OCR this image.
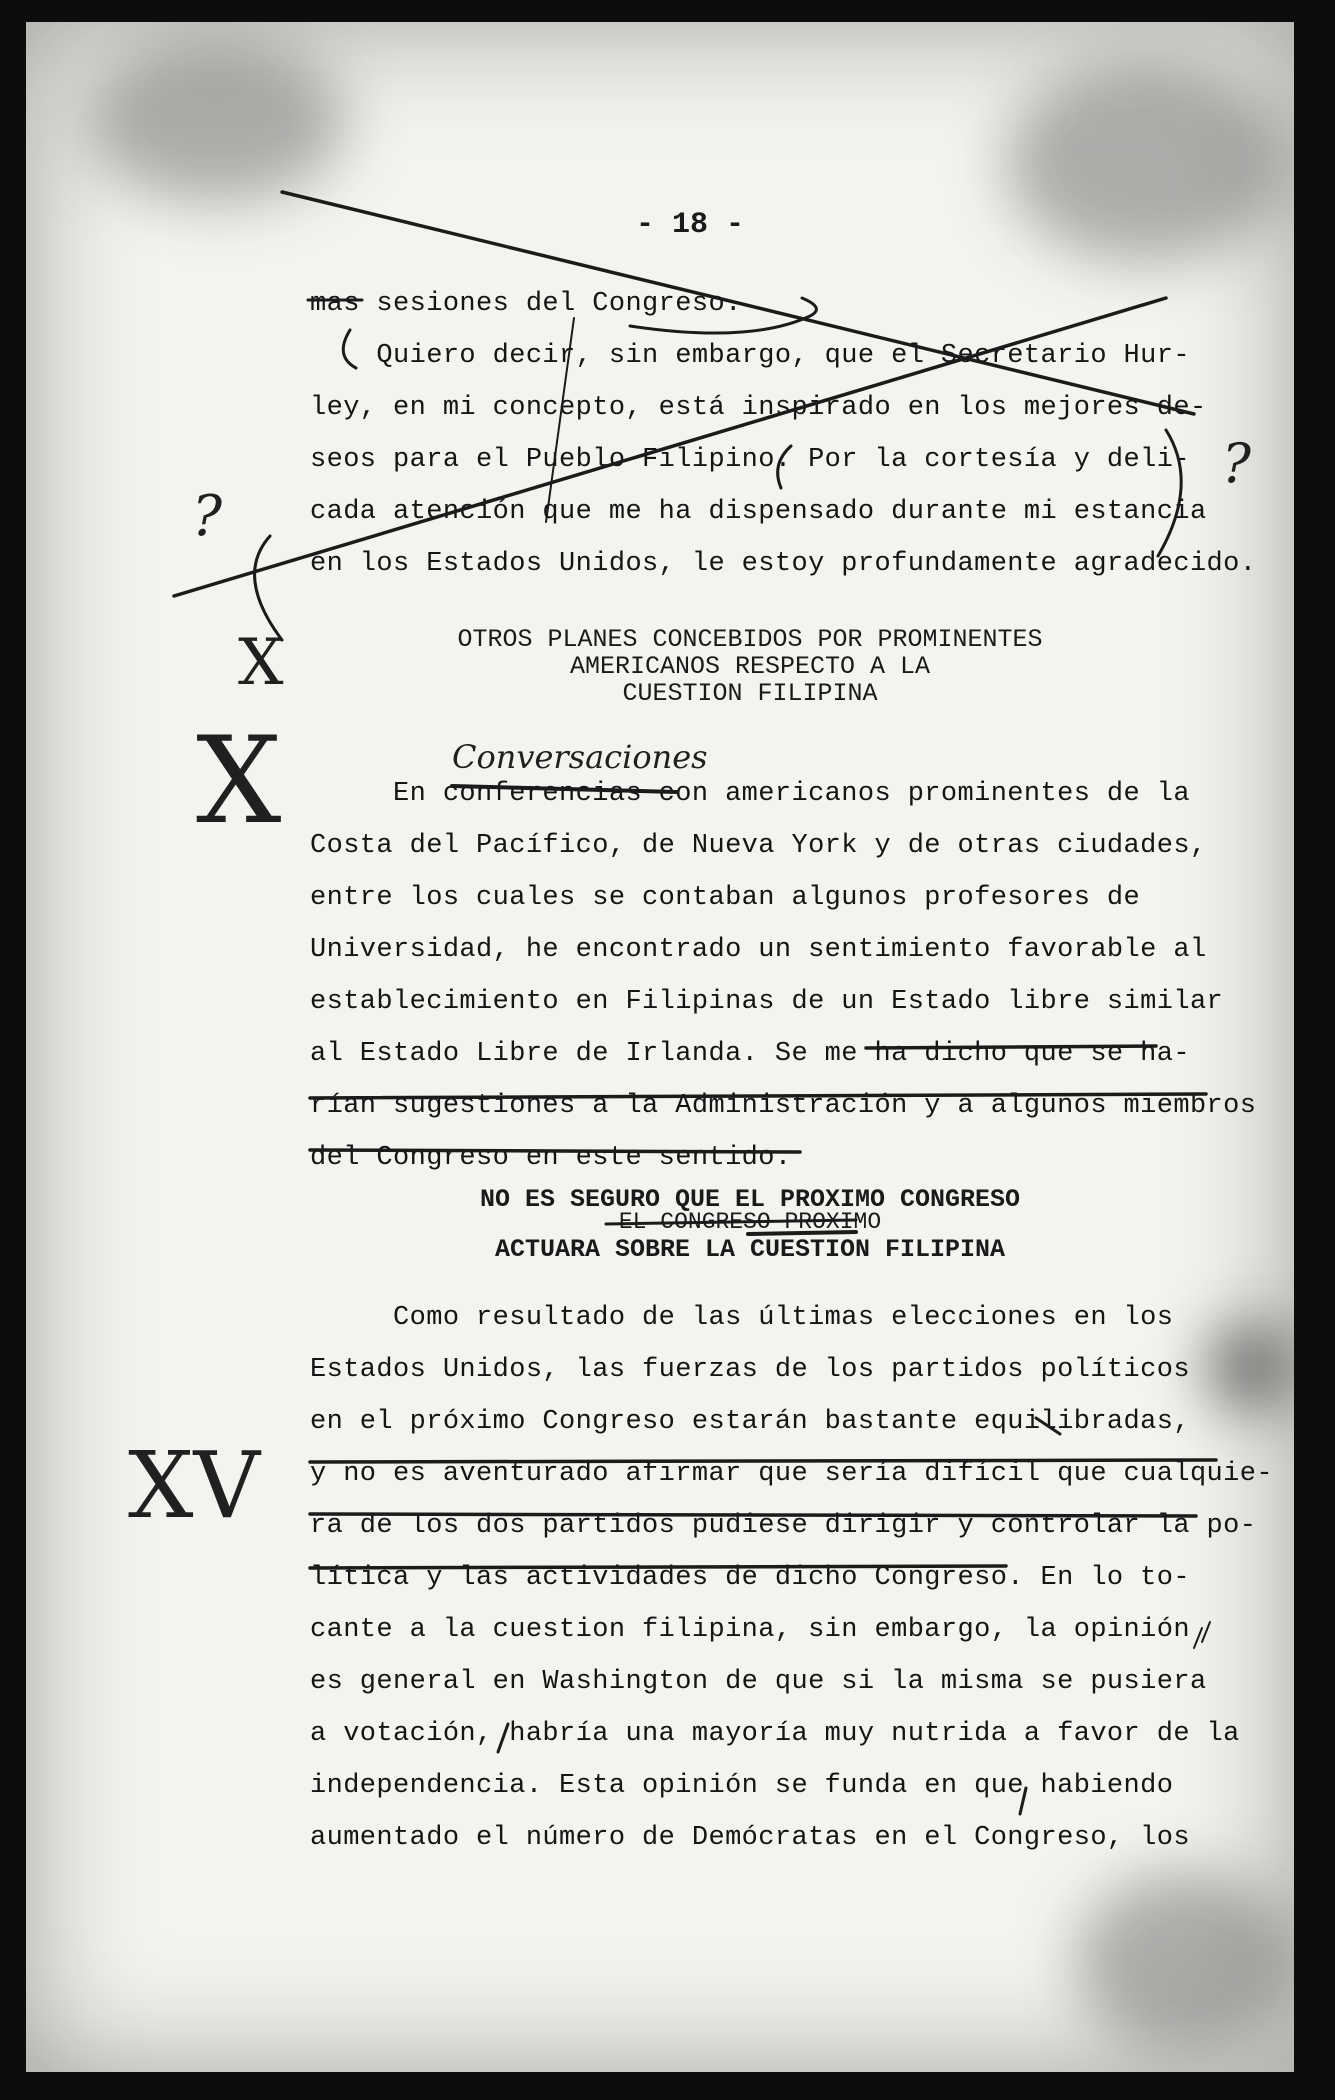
- 18 -
mas sesiones del Congreso.
Quiero decir, sin embargo, que el Secretario Hur-
ley, en mi concepto, está inspirado en los mejores de-
seos para el Pueblo Filipino. Por la cortesía y deli-
cada atención que me ha dispensado durante mi estancia
en los Estados Unidos, le estoy profundamente agradecido.
OTROS PLANES CONCEBIDOS POR PROMINENTES
AMERICANOS RESPECTO A LA
CUESTION FILIPINA
Conversaciones
En conferencias con americanos prominentes de la
Costa del Pacífico, de Nueva York y de otras ciudades,
entre los cuales se contaban algunos profesores de
Universidad, he encontrado un sentimiento favorable al
establecimiento en Filipinas de un Estado libre similar
al Estado Libre de Irlanda. Se me ha dicho que se ha-
rían sugestiones a la Administración y a algunos miembros
del Congreso en este sentido.
NO ES SEGURO QUE EL PROXIMO CONGRESO
EL CONGRESO PROXIMO
ACTUARA SOBRE LA CUESTION FILIPINA
Como resultado de las últimas elecciones en los
Estados Unidos, las fuerzas de los partidos políticos
en el próximo Congreso estarán bastante equilibradas,
y no es aventurado afirmar que sería difícil que cualquie-
ra de los dos partidos pudiese dirigir y controlar la po-
lítica y las actividades de dicho Congreso. En lo to-
cante a la cuestion filipina, sin embargo, la opinión
es general en Washington de que si la misma se pusiera
a votación, habría una mayoría muy nutrida a favor de la
independencia. Esta opinión se funda en que habiendo
aumentado el número de Demócratas en el Congreso, los
?
?
X
X
XV
